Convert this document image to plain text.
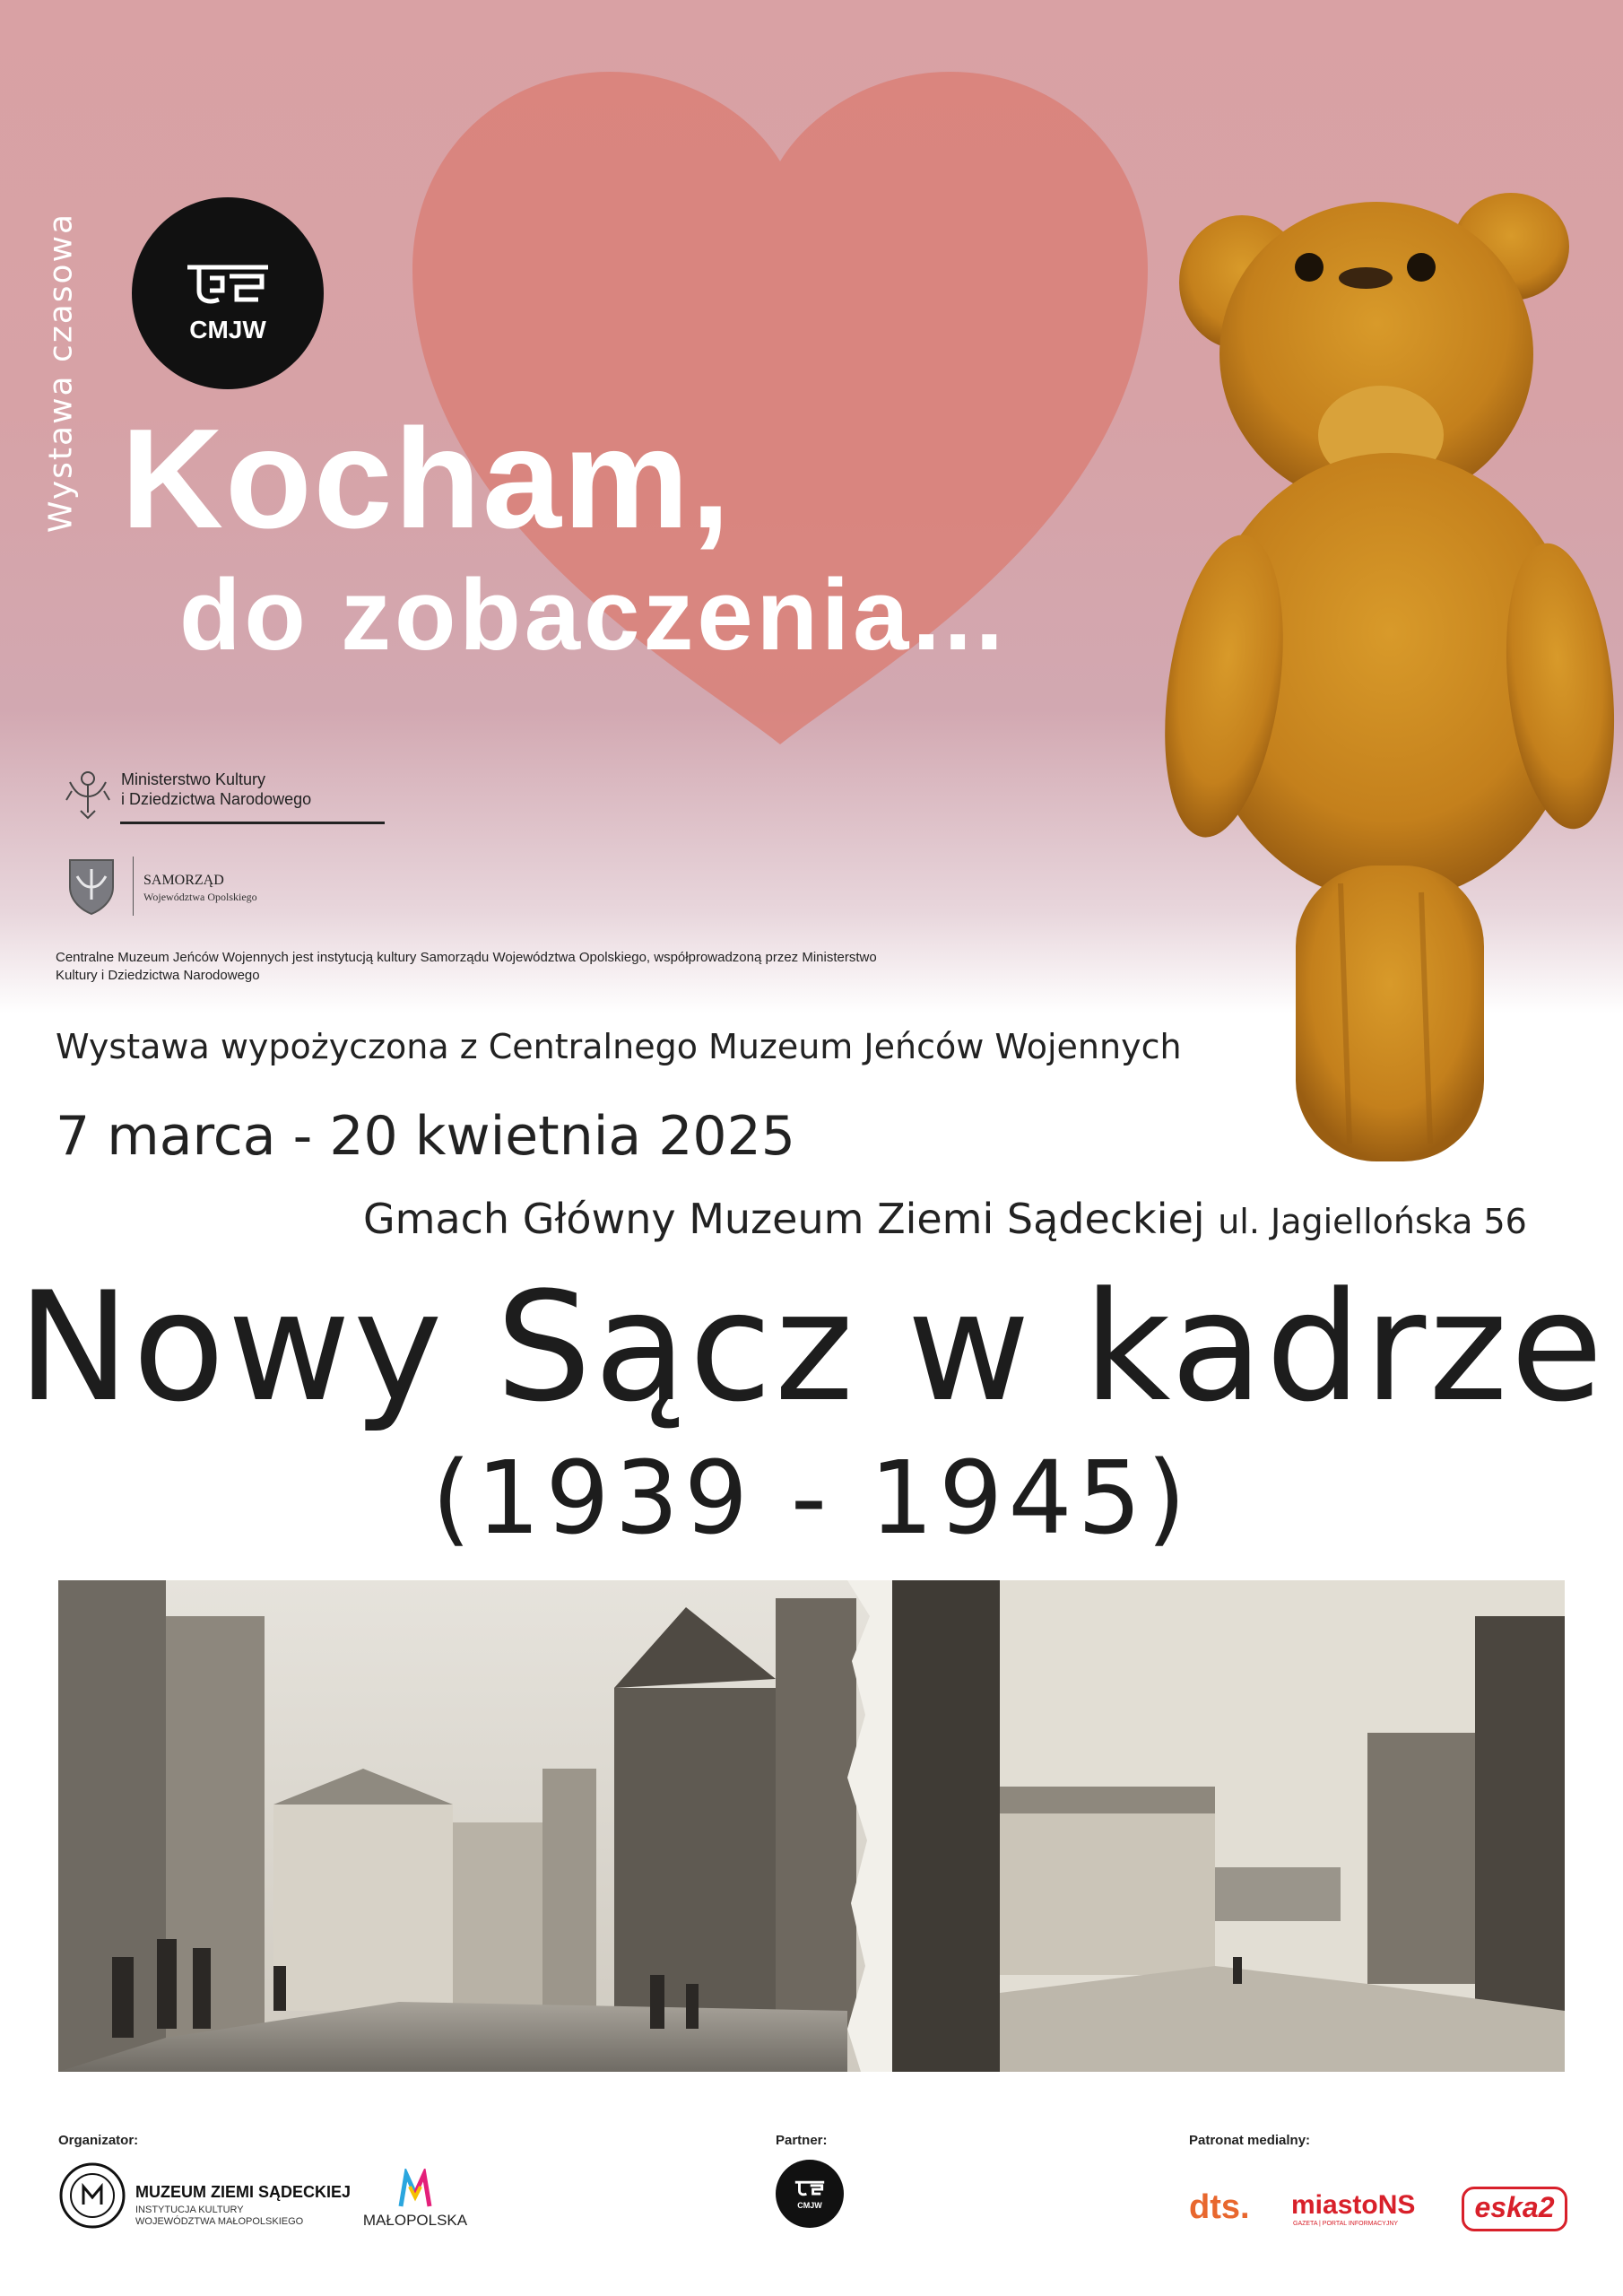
Wystawa czasowa	CMJW
Kocham,
do zobaczenia...
Ministerstwo Kultury
i Dziedzictwa Narodowego
SAMORZĄD
Województwa Opolskiego
Centralne Muzeum Jeńców Wojennych jest instytucją kultury Samorządu Województwa Opolskiego, współprowadzoną przez Ministerstwo Kultury i Dziedzictwa Narodowego
Wystawa wypożyczona z Centralnego Muzeum Jeńców Wojennych
7 marca - 20 kwietnia 2025
Gmach Główny Muzeum Ziemi Sądeckiej ul. Jagiellońska 56
Nowy Sącz w kadrze
(1939 - 1945)
Organizator:
MUZEUM ZIEMI SĄDECKIEJ
INSTYTUCJA KULTURY
WOJEWÓDZTWA MAŁOPOLSKIEGO	MAŁOPOLSKA
Partner:
CMJW
Patronat medialny:
dts. miastoNS
GAZETA | PORTAL INFORMACYJNY
eska2
